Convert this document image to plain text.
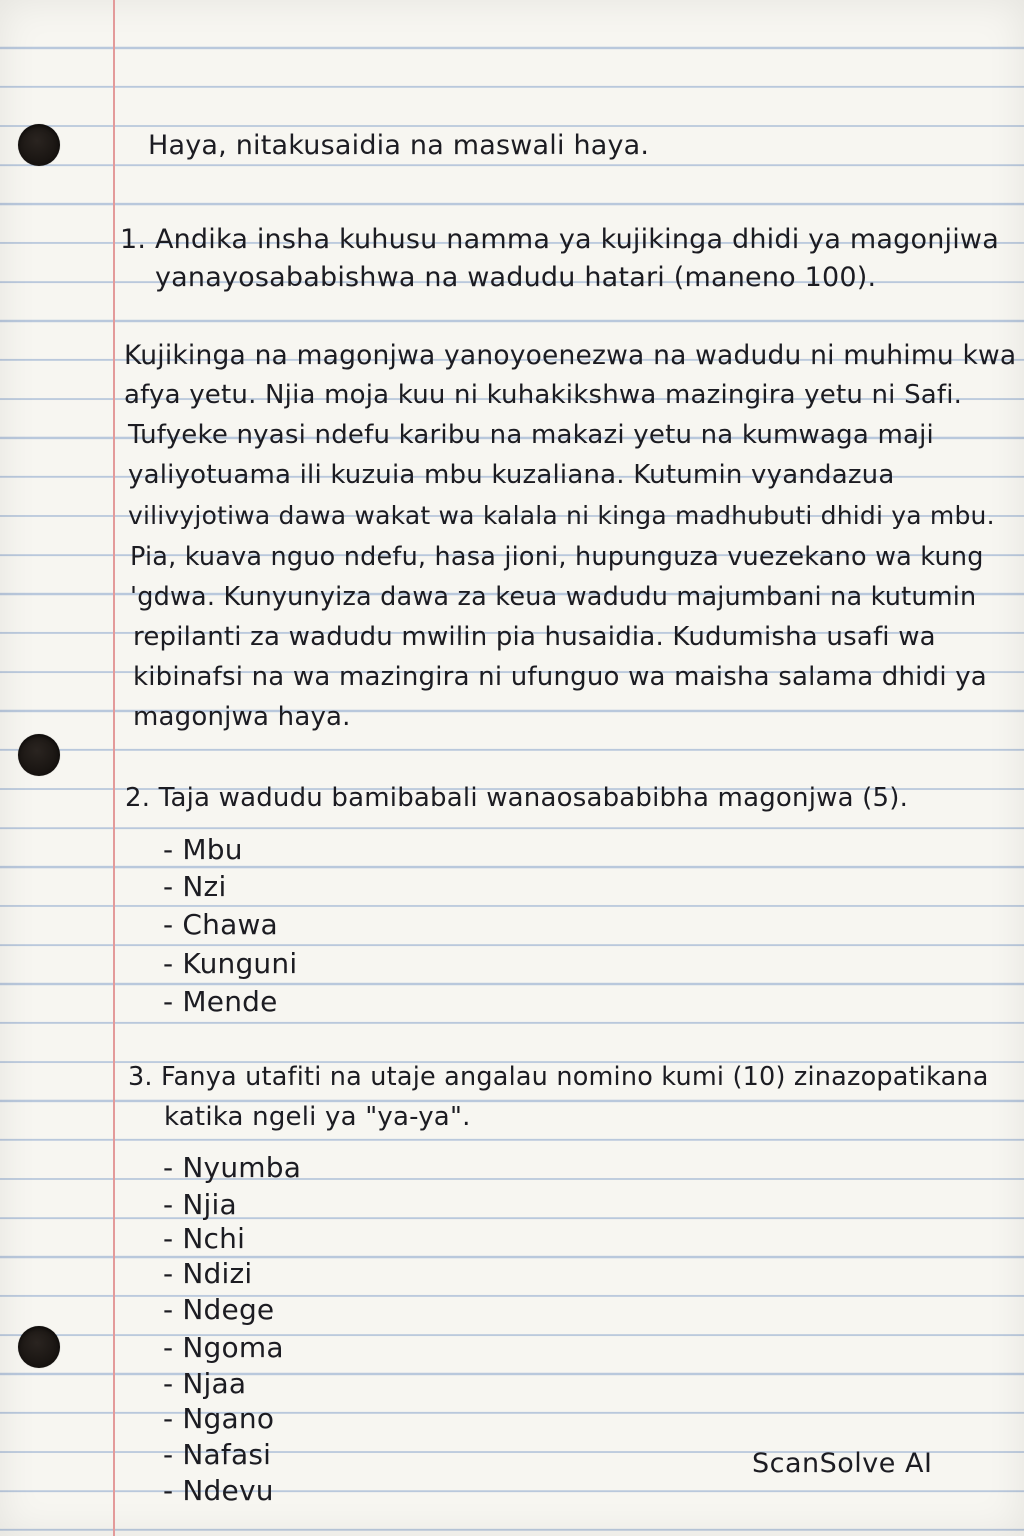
Haya, nitakusaidia na maswali haya.

1. Andika insha kuhusu namma ya kujikinga dhidi ya magonjiwa

yanayosababishwa na wadudu hatari (maneno 100).

Kujikinga na magonjwa yanoyoenezwa na wadudu ni muhimu kwa

afya yetu. Njia moja kuu ni kuhakikshwa mazingira yetu ni Safi.

Tufyeke nyasi ndefu karibu na makazi yetu na kumwaga maji

yaliyotuama ili kuzuia mbu kuzaliana. Kutumin vyandazua

vilivyjotiwa dawa wakat wa kalala ni kinga madhubuti dhidi ya mbu.

Pia, kuava nguo ndefu, hasa jioni, hupunguza vuezekano wa kung

'gdwa. Kunyunyiza dawa za keua wadudu majumbani na kutumin

repilanti za wadudu mwilin pia husaidia. Kudumisha usafi wa

kibinafsi na wa mazingira ni ufunguo wa maisha salama dhidi ya

magonjwa haya.

2. Taja wadudu bamibabali wanaosababibha magonjwa (5).

- Mbu

- Nzi

- Chawa

- Kunguni

- Mende

3. Fanya utafiti na utaje angalau nomino kumi (10) zinazopatikana

katika ngeli ya "ya-ya".

- Nyumba

- Njia

- Nchi

- Ndizi

- Ndege

- Ngoma

- Njaa

- Ngano

- Nafasi

- Ndevu

ScanSolve AI
